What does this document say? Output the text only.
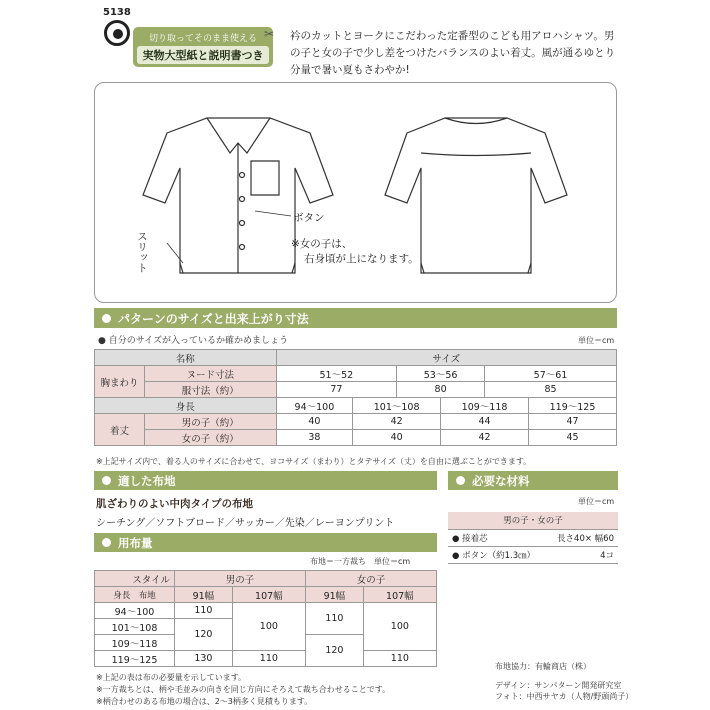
5138
切り取ってそのまま使える
実物大型紙と説明書つき
✂ 衿のカットとヨークにこだわった定番型のこども用アロハシャツ。男の子と女の子で少し差をつけたバランスのよい着丈。風が通るゆとり分量で暑い夏もさわやか!
ボタン
スリット	※女の子は、
右身頃が上になります。
パターンのサイズと出来上がり寸法
● 自分のサイズが入っているか確かめましょう	単位＝cm
名称		サイズ					
胸まわり	ヌード寸法	51〜52		53〜56		57〜61	
	服寸法（約）	77		80		85	
身長		94〜100	101〜108		109〜118		119〜125
着丈	男の子（約）	40	42		44		47
	女の子（約）	38	40		42		45
※上記サイズ内で、着る人のサイズに合わせて、ヨコサイズ（まわり）とタテサイズ（丈）を自由に選ぶことができます。
適した布地
肌ざわりのよい中肉タイプの布地
シーチング／ソフトブロード／サッカー／先染／レーヨンプリント
必要な材料
単位＝cm
男の子・女の子	
● 接着芯	長さ40× 幅60
● ボタン（約1.3㎝）	4コ
用布量
布地＝一方裁ち　単位＝cm
スタイル	男の子		女の子	
身長　 布地	91幅	107幅	91幅	107幅
94〜100	110	100	110	100
101〜108	120			
109〜118			120	
119〜125	130	110		110
※上記の表は布の必要量を示しています。
※一方裁ちとは、柄や毛並みの向きを同じ方向にそろえて裁ち合わせることです。
※柄合わせのある布地の場合は、2〜3柄多く見積もります。
布地協力：有輪商店（株）
デザイン：サンパターン開発研究室
フォト：中西サヤカ（人物/野頭尚子）
